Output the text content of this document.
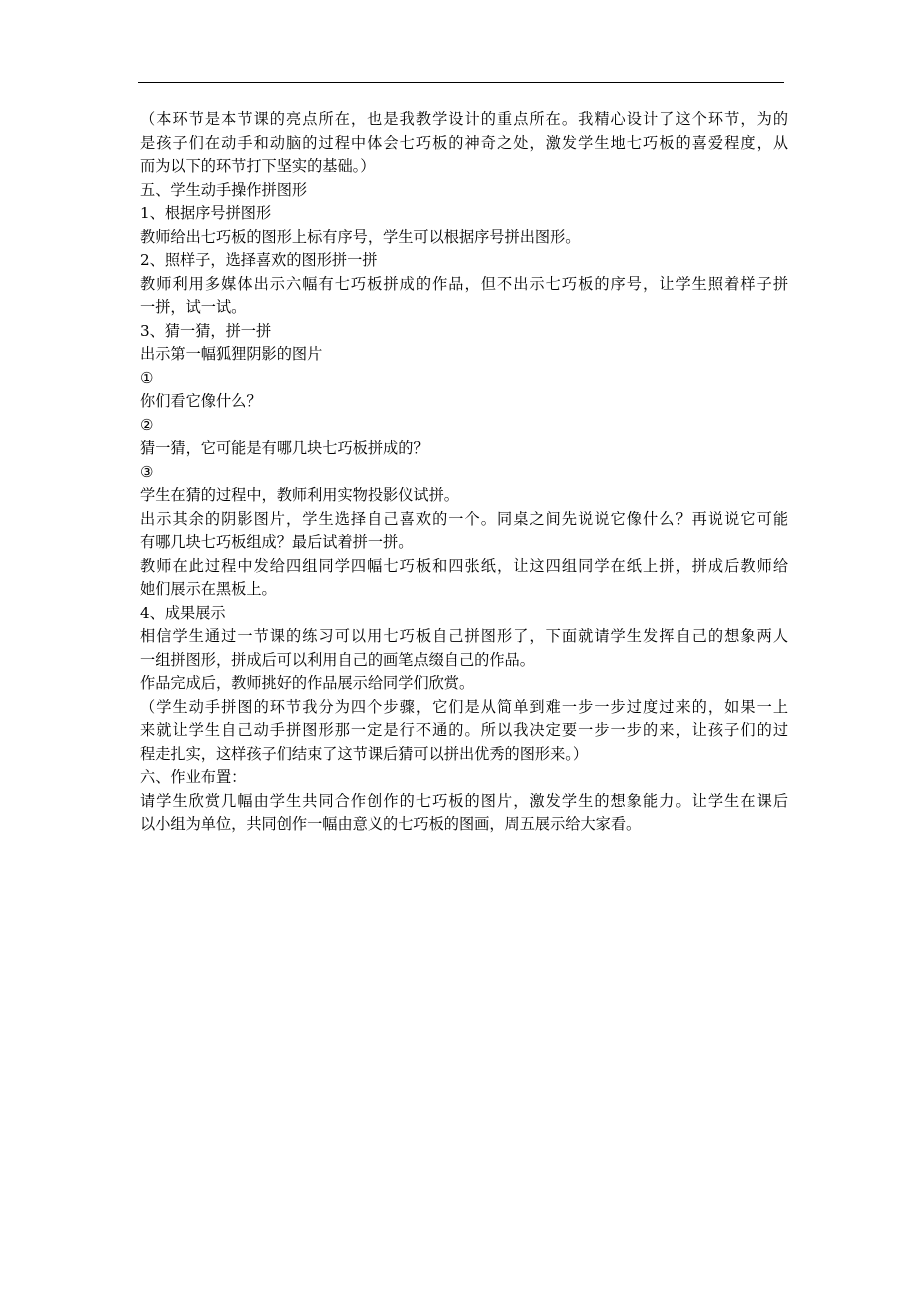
（本环节是本节课的亮点所在，也是我教学设计的重点所在。我精心设计了这个环节，为的
是孩子们在动手和动脑的过程中体会七巧板的神奇之处，激发学生地七巧板的喜爱程度，从
而为以下的环节打下坚实的基础。）
五、学生动手操作拼图形
1、根据序号拼图形
教师给出七巧板的图形上标有序号，学生可以根据序号拼出图形。
2、照样子，选择喜欢的图形拼一拼
教师利用多媒体出示六幅有七巧板拼成的作品，但不出示七巧板的序号，让学生照着样子拼
一拼，试一试。
3、猜一猜，拼一拼
出示第一幅狐狸阴影的图片
①
你们看它像什么？
②
猜一猜，它可能是有哪几块七巧板拼成的？
③
学生在猜的过程中，教师利用实物投影仪试拼。
出示其余的阴影图片，学生选择自己喜欢的一个。同桌之间先说说它像什么？再说说它可能
有哪几块七巧板组成？最后试着拼一拼。
教师在此过程中发给四组同学四幅七巧板和四张纸，让这四组同学在纸上拼，拼成后教师给
她们展示在黑板上。
4、成果展示
相信学生通过一节课的练习可以用七巧板自己拼图形了，下面就请学生发挥自己的想象两人
一组拼图形，拼成后可以利用自己的画笔点缀自己的作品。
作品完成后，教师挑好的作品展示给同学们欣赏。
（学生动手拼图的环节我分为四个步骤，它们是从简单到难一步一步过度过来的，如果一上
来就让学生自己动手拼图形那一定是行不通的。所以我决定要一步一步的来，让孩子们的过
程走扎实，这样孩子们结束了这节课后猜可以拼出优秀的图形来。）
六、作业布置：
请学生欣赏几幅由学生共同合作创作的七巧板的图片，激发学生的想象能力。让学生在课后
以小组为单位，共同创作一幅由意义的七巧板的图画，周五展示给大家看。
